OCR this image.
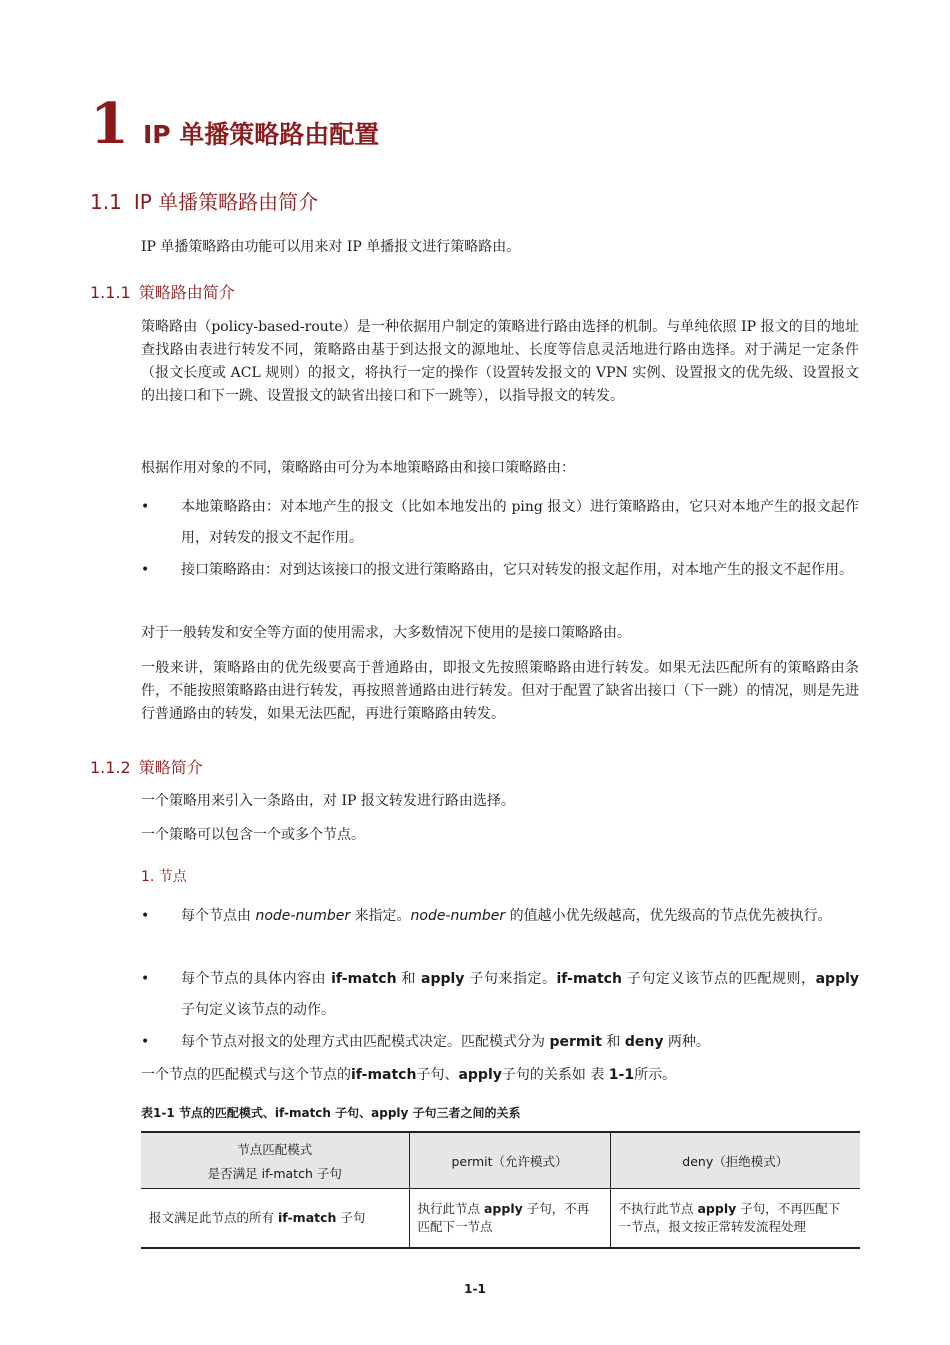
1 IP 单播策略路由配置
1.1 IP 单播策略路由简介
IP 单播策略路由功能可以用来对 IP 单播报文进行策略路由。
1.1.1 策略路由简介
策略路由（policy-based-route）是一种依据用户制定的策略进行路由选择的机制。与单纯依照 IP 报文的目的地址查找路由表进行转发不同，策略路由基于到达报文的源地址、长度等信息灵活地进行路由选择。对于满足一定条件（报文长度或 ACL 规则）的报文，将执行一定的操作（设置转发报文的 VPN 实例、设置报文的优先级、设置报文的出接口和下一跳、设置报文的缺省出接口和下一跳等），以指导报文的转发。
根据作用对象的不同，策略路由可分为本地策略路由和接口策略路由：
•	本地策略路由：对本地产生的报文（比如本地发出的 ping 报文）进行策略路由，它只对本地产生的报文起作用，对转发的报文不起作用。
•	接口策略路由：对到达该接口的报文进行策略路由，它只对转发的报文起作用，对本地产生的报文不起作用。
对于一般转发和安全等方面的使用需求，大多数情况下使用的是接口策略路由。
一般来讲，策略路由的优先级要高于普通路由，即报文先按照策略路由进行转发。如果无法匹配所有的策略路由条件，不能按照策略路由进行转发，再按照普通路由进行转发。但对于配置了缺省出接口（下一跳）的情况，则是先进行普通路由的转发，如果无法匹配，再进行策略路由转发。
1.1.2 策略简介
一个策略用来引入一条路由，对 IP 报文转发进行路由选择。
一个策略可以包含一个或多个节点。
1. 节点
•	每个节点由 node-number 来指定。node-number 的值越小优先级越高，优先级高的节点优先被执行。
•	每个节点的具体内容由 if-match 和 apply 子句来指定。if-match 子句定义该节点的匹配规则，apply 子句定义该节点的动作。
•	每个节点对报文的处理方式由匹配模式决定。匹配模式分为 permit 和 deny 两种。
一个节点的匹配模式与这个节点的if-match子句、apply子句的关系如 表 1-1所示。
表1-1 节点的匹配模式、if-match 子句、apply 子句三者之间的关系
节点匹配模式
是否满足 if-match 子句	permit（允许模式）	deny（拒绝模式）
报文满足此节点的所有 if-match 子句	执行此节点 apply 子句，不再匹配下一节点	不执行此节点 apply 子句，不再匹配下一节点，报文按正常转发流程处理
1-1
